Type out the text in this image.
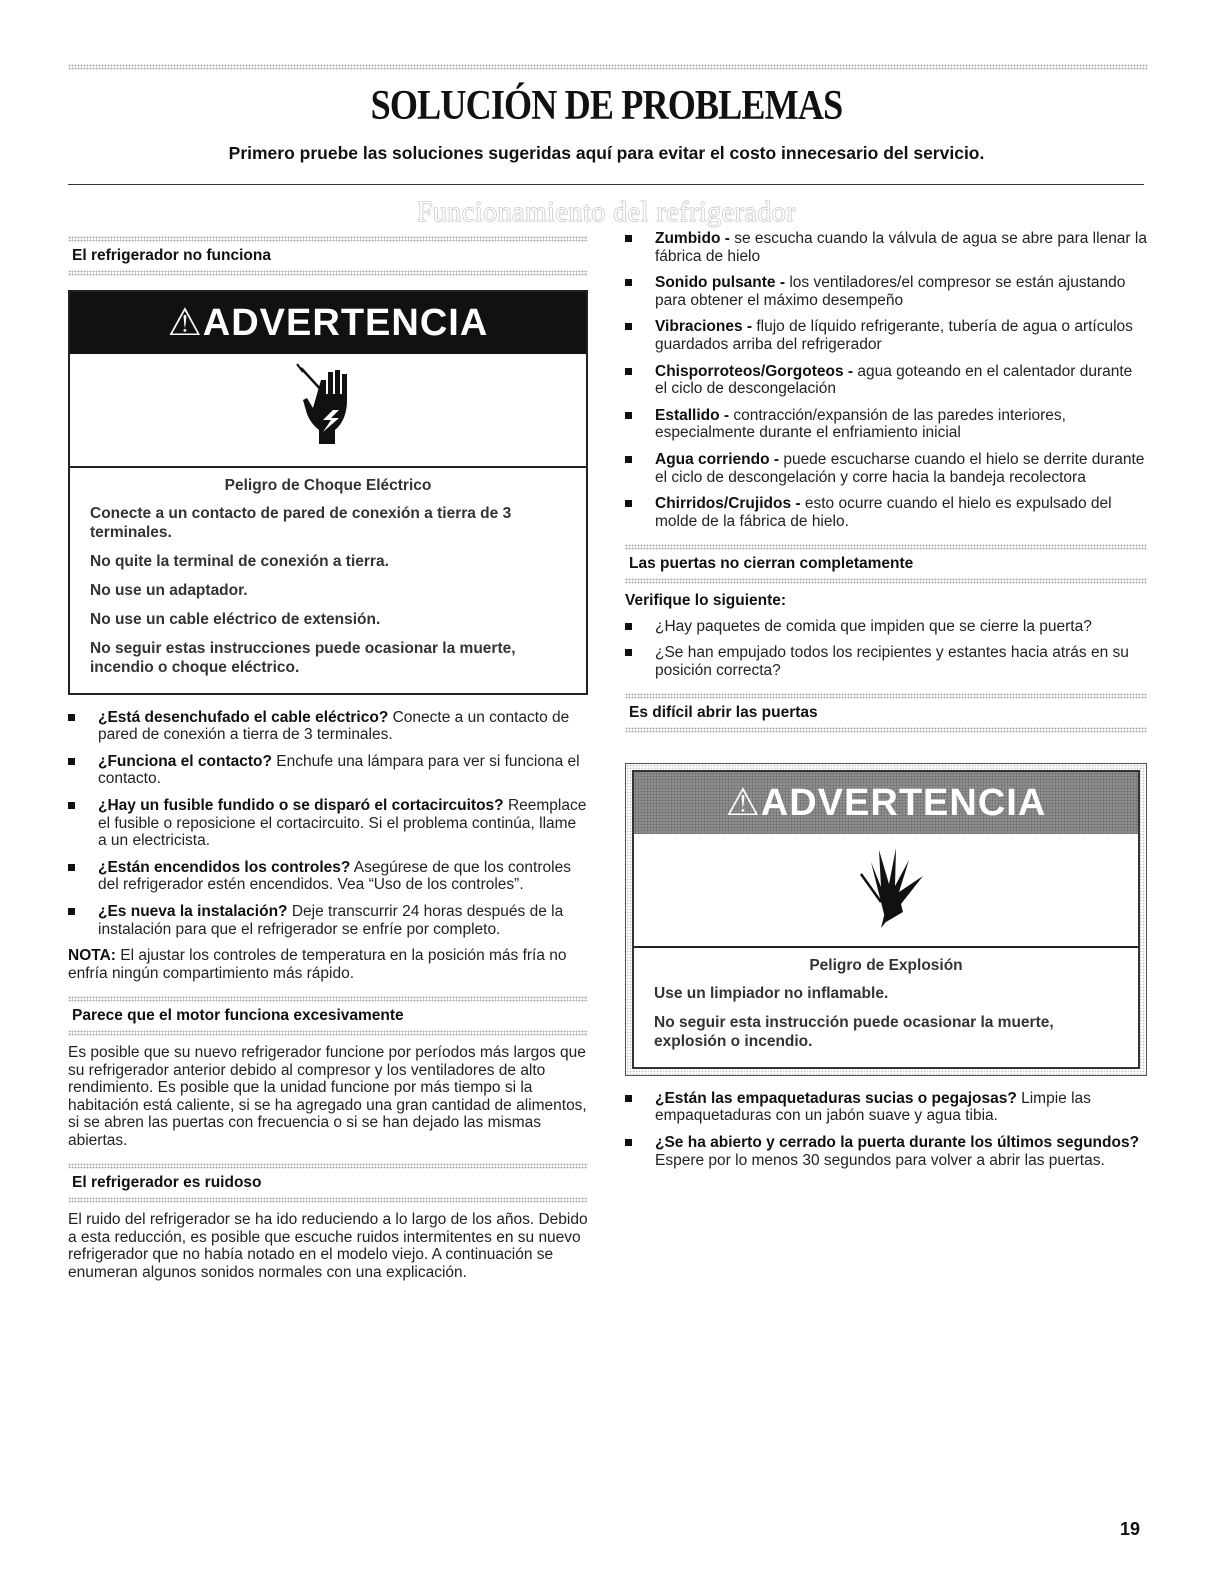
SOLUCIÓN DE PROBLEMAS
Primero pruebe las soluciones sugeridas aquí para evitar el costo innecesario del servicio.
Funcionamiento del refrigerador
El refrigerador no funciona
⚠ADVERTENCIA
Peligro de Choque Eléctrico

Conecte a un contacto de pared de conexión a tierra de 3 terminales.

No quite la terminal de conexión a tierra.

No use un adaptador.

No use un cable eléctrico de extensión.

No seguir estas instrucciones puede ocasionar la muerte, incendio o choque eléctrico.

¿Está desenchufado el cable eléctrico? Conecte a un contacto de pared de conexión a tierra de 3 terminales.
¿Funciona el contacto? Enchufe una lámpara para ver si funciona el contacto.
¿Hay un fusible fundido o se disparó el cortacircuitos? Reemplace el fusible o reposicione el cortacircuito. Si el problema continúa, llame a un electricista.
¿Están encendidos los controles? Asegúrese de que los controles del refrigerador estén encendidos. Vea “Uso de los controles”.
¿Es nueva la instalación? Deje transcurrir 24 horas después de la instalación para que el refrigerador se enfríe por completo.

NOTA: El ajustar los controles de temperatura en la posición más fría no enfría ningún compartimiento más rápido.

Parece que el motor funciona excesivamente

Es posible que su nuevo refrigerador funcione por períodos más largos que su refrigerador anterior debido al compresor y los ventiladores de alto rendimiento. Es posible que la unidad funcione por más tiempo si la habitación está caliente, si se ha agregado una gran cantidad de alimentos, si se abren las puertas con frecuencia o si se han dejado las mismas abiertas.

El refrigerador es ruidoso

El ruido del refrigerador se ha ido reduciendo a lo largo de los años. Debido a esta reducción, es posible que escuche ruidos intermitentes en su nuevo refrigerador que no había notado en el modelo viejo. A continuación se enumeran algunos sonidos normales con una explicación.

Zumbido - se escucha cuando la válvula de agua se abre para llenar la fábrica de hielo
Sonido pulsante - los ventiladores/el compresor se están ajustando para obtener el máximo desempeño
Vibraciones - flujo de líquido refrigerante, tubería de agua o artículos guardados arriba del refrigerador
Chisporroteos/Gorgoteos - agua goteando en el calentador durante el ciclo de descongelación
Estallido - contracción/expansión de las paredes interiores, especialmente durante el enfriamiento inicial
Agua corriendo - puede escucharse cuando el hielo se derrite durante el ciclo de descongelación y corre hacia la bandeja recolectora
Chirridos/Crujidos - esto ocurre cuando el hielo es expulsado del molde de la fábrica de hielo.
Las puertas no cierran completamente

Verifique lo siguiente:

¿Hay paquetes de comida que impiden que se cierre la puerta?
¿Se han empujado todos los recipientes y estantes hacia atrás en su posición correcta?
Es difícil abrir las puertas
⚠ADVERTENCIA
Peligro de Explosión

Use un limpiador no inflamable.

No seguir esta instrucción puede ocasionar la muerte, explosión o incendio.

¿Están las empaquetaduras sucias o pegajosas? Limpie las empaquetaduras con un jabón suave y agua tibia.
¿Se ha abierto y cerrado la puerta durante los últimos segundos? Espere por lo menos 30 segundos para volver a abrir las puertas.
19
